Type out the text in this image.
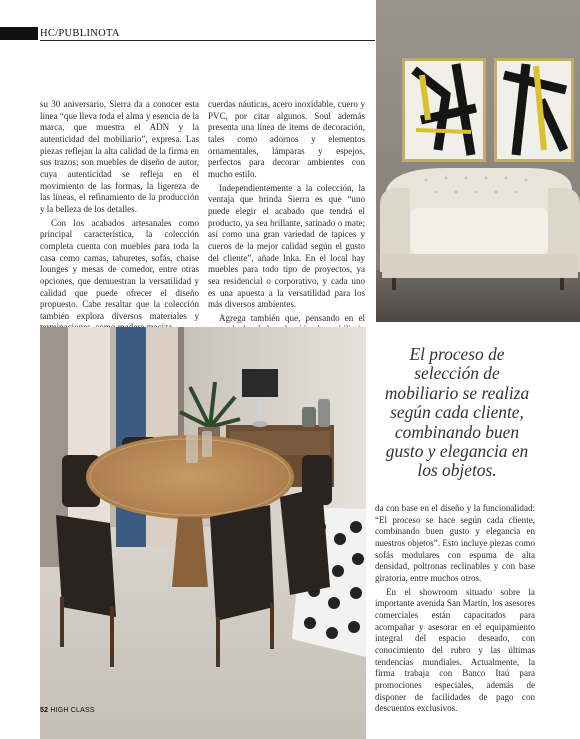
HC/PUBLINOTA

su 30 aniversario, Sierra da a conocer esta línea “que lleva toda el alma y esencia de la marca, que muestra el ADN y la autenticidad del mobiliario”, expresa. Las piezas reflejan la alta calidad de la firma en sus trazos; son muebles de diseño de autor, cuya autenticidad se refleja en el movimiento de las formas, la ligereza de las líneas, el refinamiento de la producción y la belleza de los detalles.

Con los acabados artesanales como principal característica, la colección completa cuenta con muebles para toda la casa como camas, taburetes, sofás, chaise lounges y mesas de comedor, entre otras opciones, que demuestran la versatilidad y calidad que puede ofrecer el diseño propuesto. Cabe resaltar que la colección también explora diversos materiales y

cuerdas náuticas, acero inoxidable, cuero y PVC, por citar algunos. Soul además presenta una línea de ítems de decoración, tales como adornos y elementos ornamentales, lámparas y espejos, perfectos para decorar ambientes con mucho estilo.

Independientemente a la colección, la ventaja que brinda Sierra es que “uno puede elegir el acabado que tendrá el producto, ya sea brillante, satinado o mate; así como una gran variedad de tapices y cueros de la mejor calidad según el gusto del cliente”, añade Inka. En el local hay muebles para todo tipo de proyectos, ya sea residencial o corporativo, y cada uno es una apuesta a la versatilidad para los más diversos ambientes.

Agrega también que, pensando en el

El proceso de selección de mobiliario se realiza según cada cliente, combinando buen gusto y elegancia en los objetos.

da con base en el diseño y la funcionalidad: “El proceso se hace según cada cliente, combinando buen gusto y elegancia en nuestros objetos”. Esto incluye piezas como sofás modulares con espuma de alta densidad, poltronas reclinables y con base giratoria, entre muchos otros.

En el showroom situado sobre la importante avenida San Martín, los asesores comerciales están capacitados para acompañar y asesorar en el equipamiento integral del espacio deseado, con conocimiento del rubro y las últimas tendencias mundiales. Actualmente, la firma trabaja con Banco Itaú para promociones especiales, además de disponer de facilidades de pago con descuentos exclusivos.

52 HIGH CLASS
